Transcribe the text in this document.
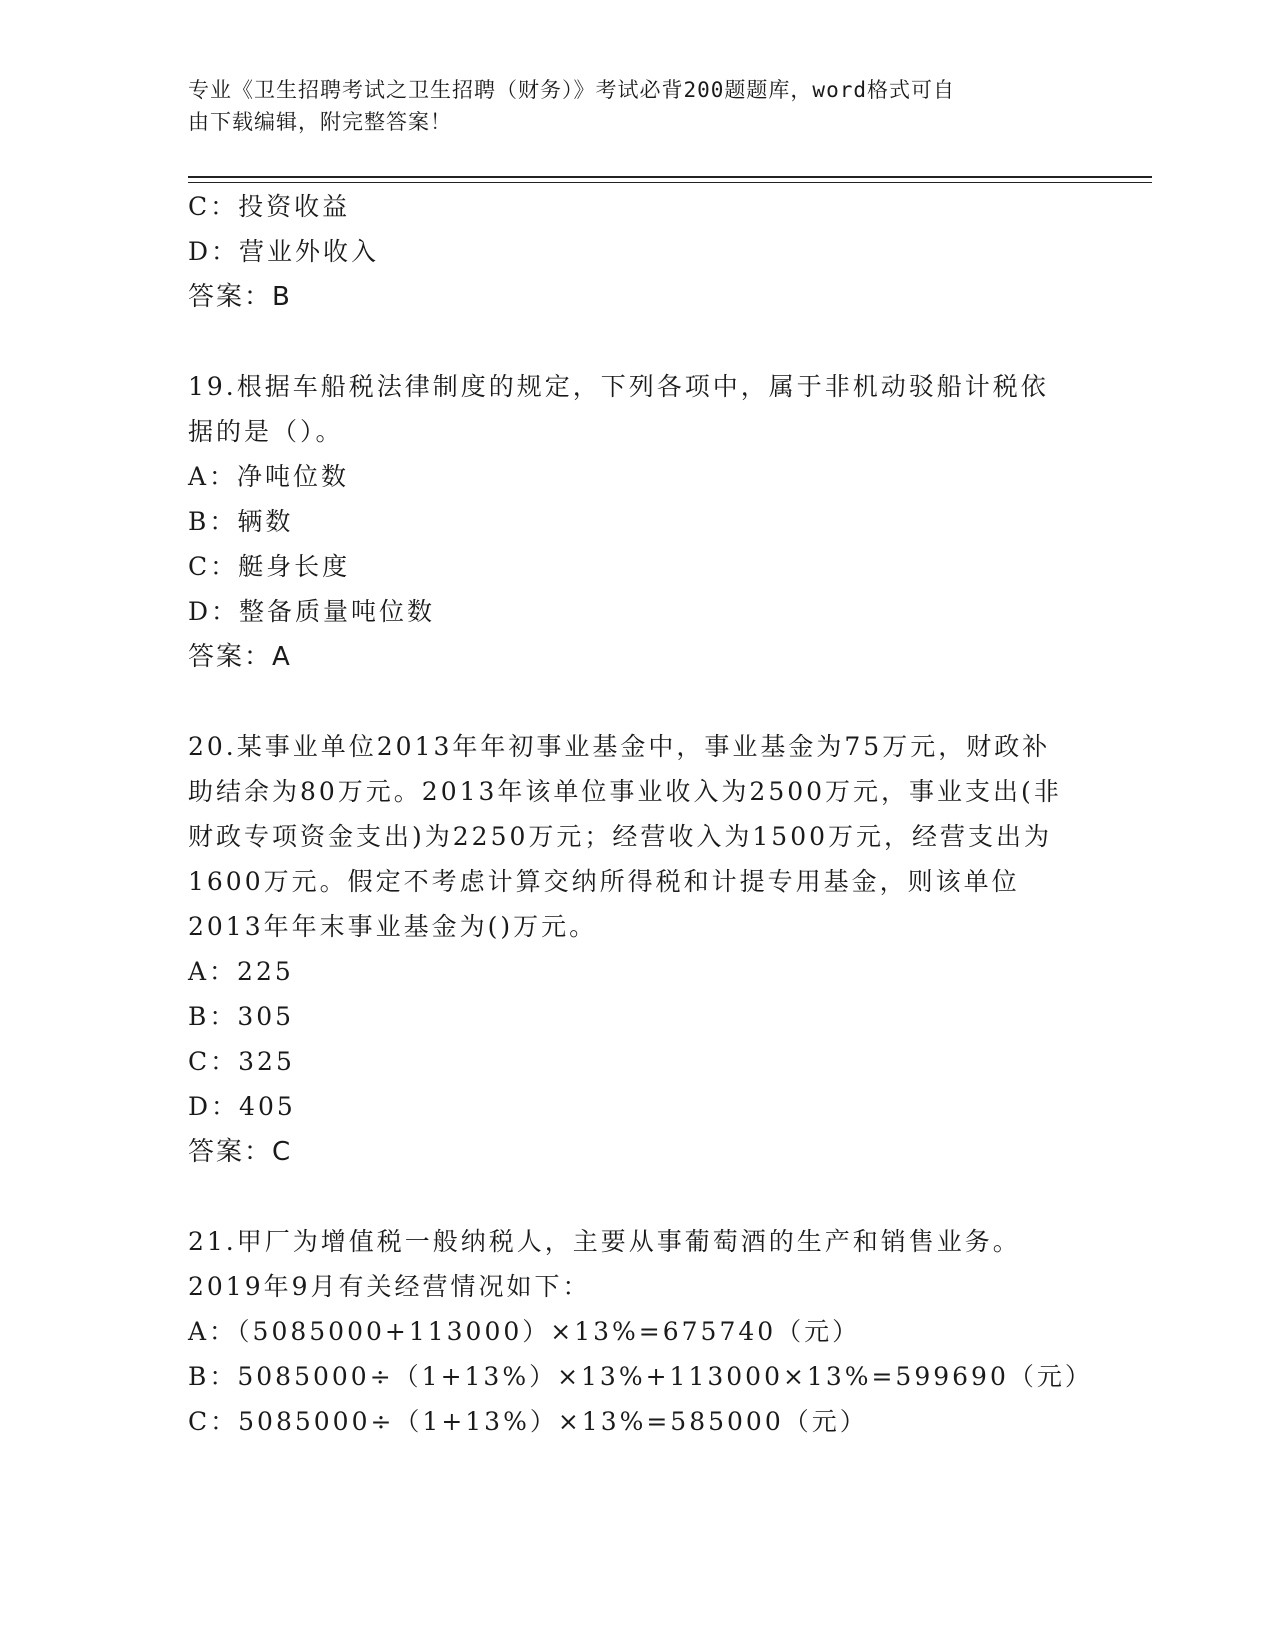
专业《卫生招聘考试之卫生招聘（财务）》考试必背200题题库，word格式可自
由下载编辑，附完整答案！
C：投资收益
D：营业外收入
答案：B
19.根据车船税法律制度的规定，下列各项中，属于非机动驳船计税依
据的是（）。
A：净吨位数
B：辆数
C：艇身长度
D：整备质量吨位数
答案：A
20.某事业单位2013年年初事业基金中，事业基金为75万元，财政补
助结余为80万元。2013年该单位事业收入为2500万元，事业支出(非
财政专项资金支出)为2250万元；经营收入为1500万元，经营支出为
1600万元。假定不考虑计算交纳所得税和计提专用基金，则该单位
2013年年末事业基金为()万元。
A：225
B：305
C：325
D：405
答案：C
21.甲厂为增值税一般纳税人，主要从事葡萄酒的生产和销售业务。
2019年9月有关经营情况如下：
A：（5085000+113000）×13%=675740（元）
B：5085000÷（1+13%）×13%+113000×13%=599690（元）
C：5085000÷（1+13%）×13%=585000（元）
